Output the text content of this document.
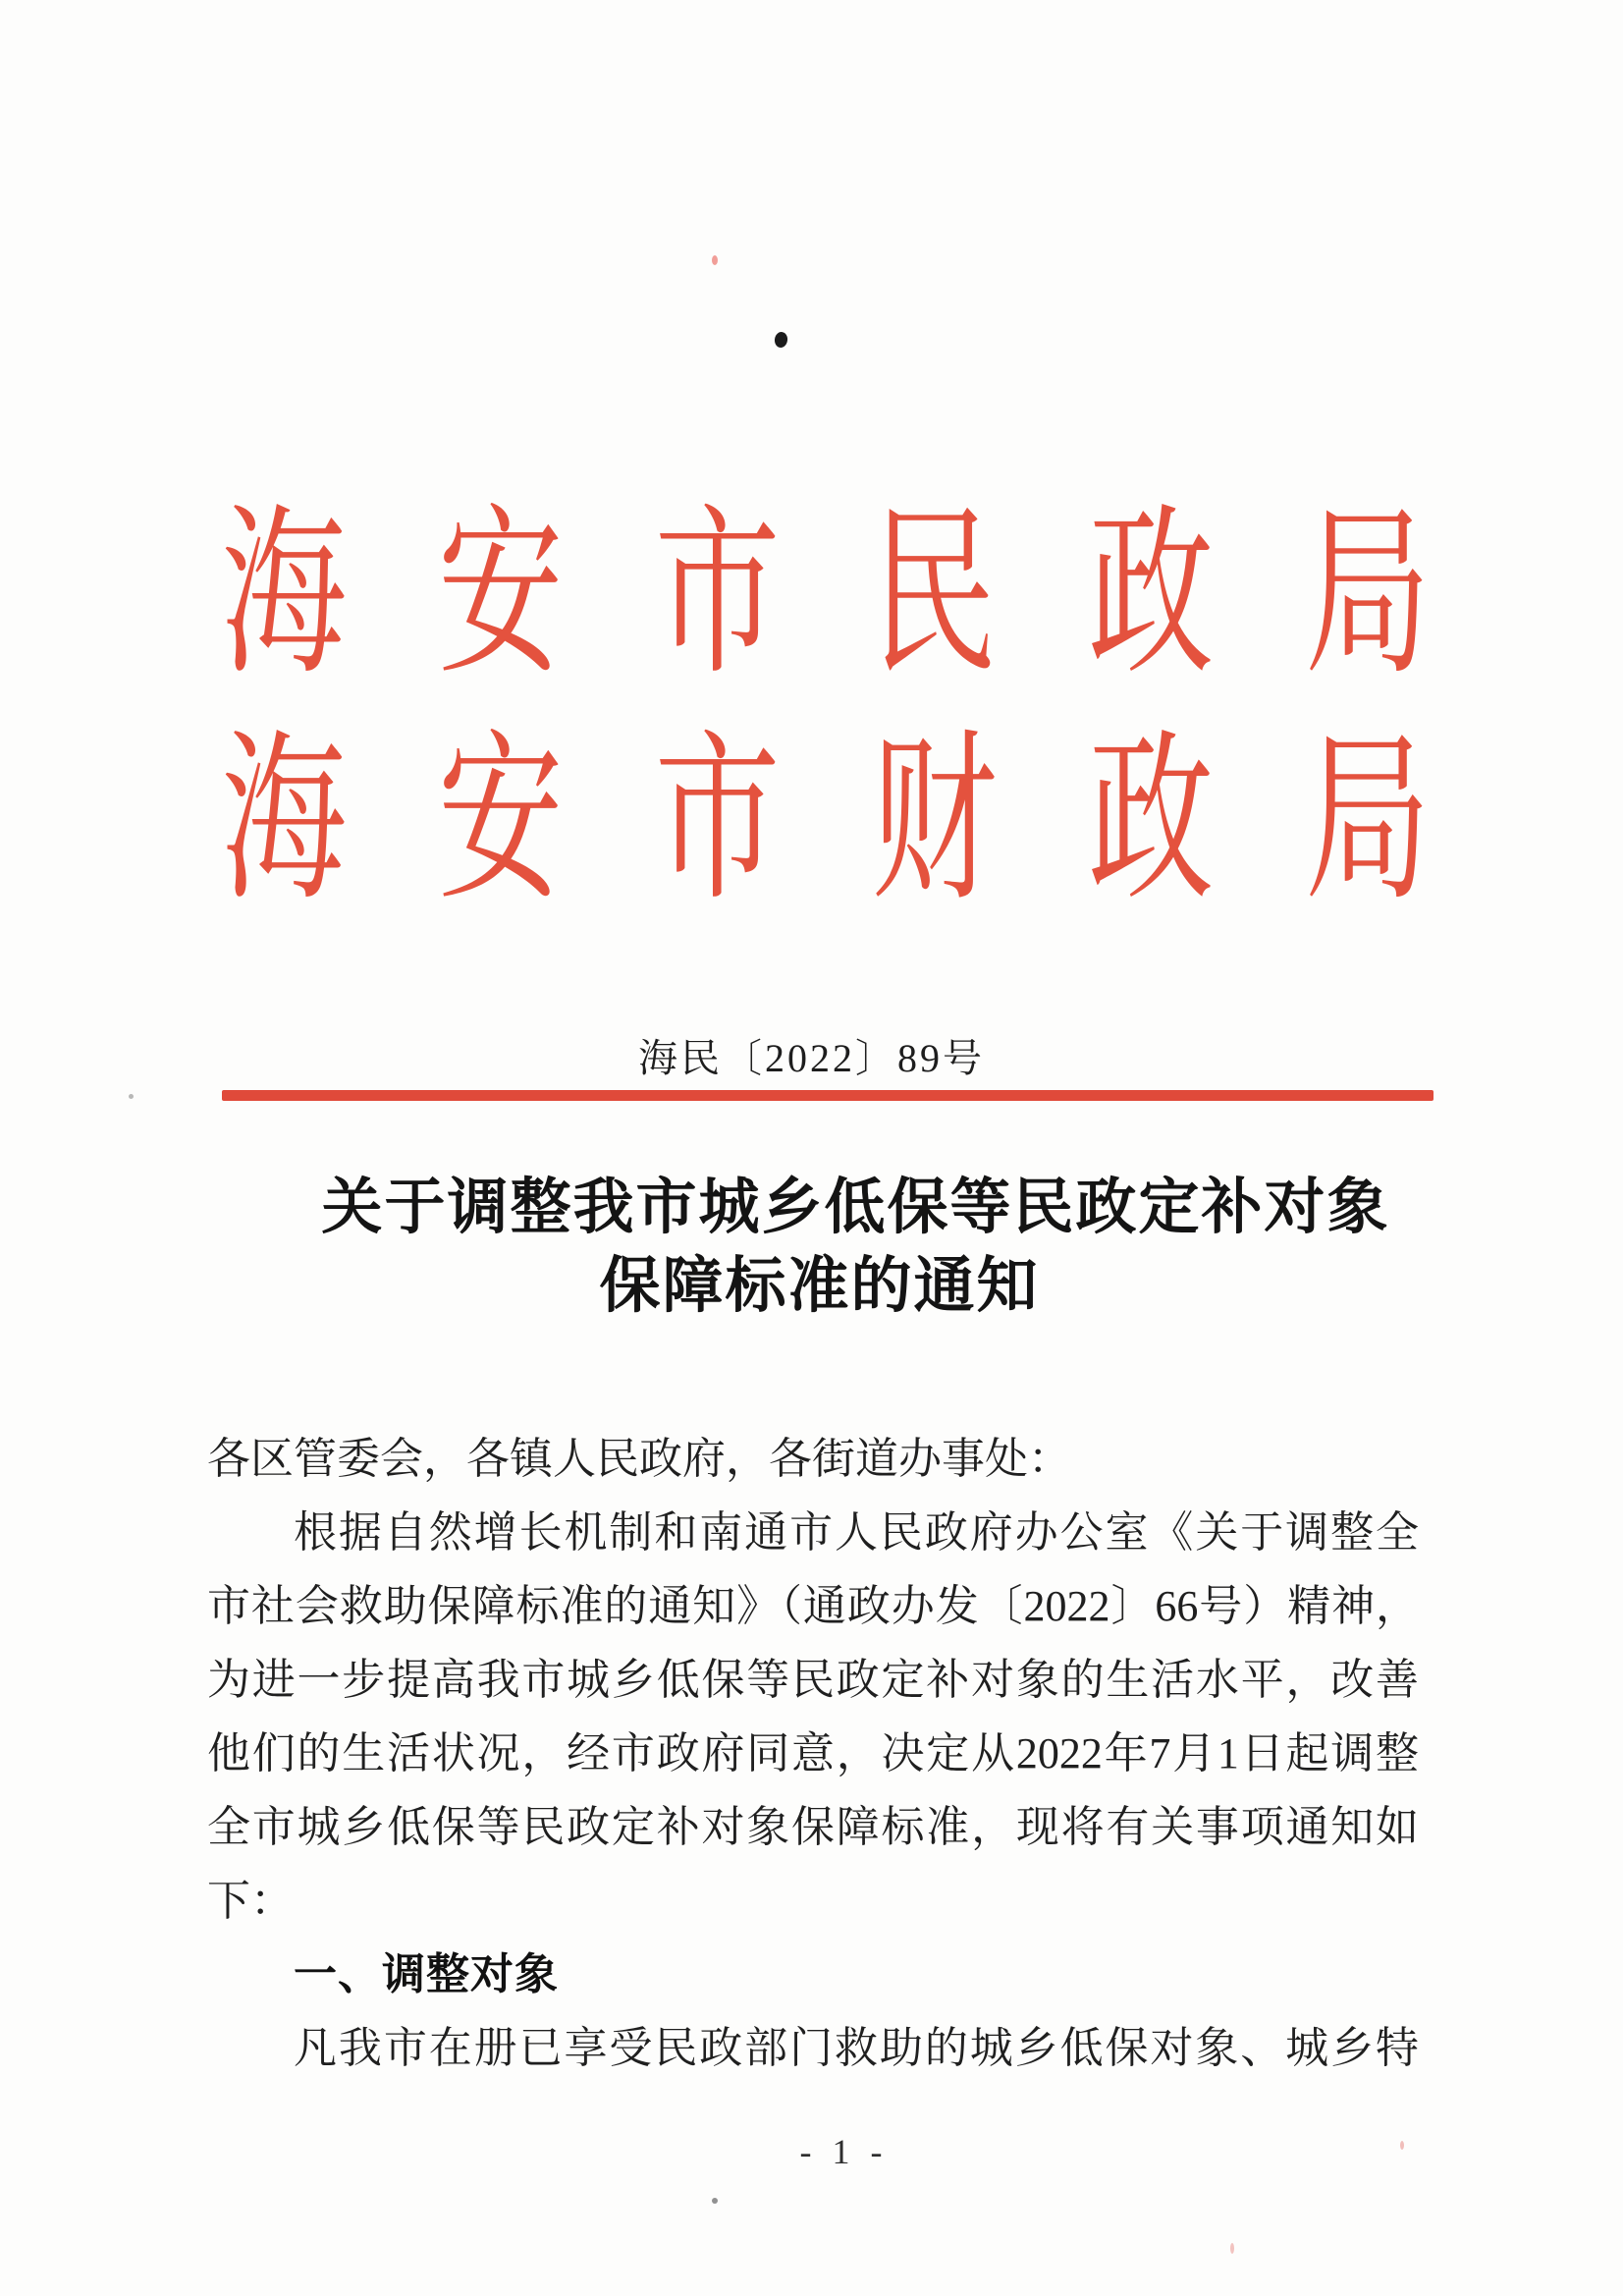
海 安 市 民 政 局
海 安 市 财 政 局
海民〔2022〕89号
关于调整我市城乡低保等民政定补对象
保障标准的通知
各区管委会，各镇人民政府，各街道办事处：
根据自然增长机制和南通市人民政府办公室《关于调整全
市社会救助保障标准的通知》（通政办发〔2022〕66号）精神，
为进一步提高我市城乡低保等民政定补对象的生活水平，改善
他们的生活状况，经市政府同意，决定从2022年7月1日起调整
全市城乡低保等民政定补对象保障标准，现将有关事项通知如
下：
一、调整对象
凡我市在册已享受民政部门救助的城乡低保对象、城乡特
- 1 -
